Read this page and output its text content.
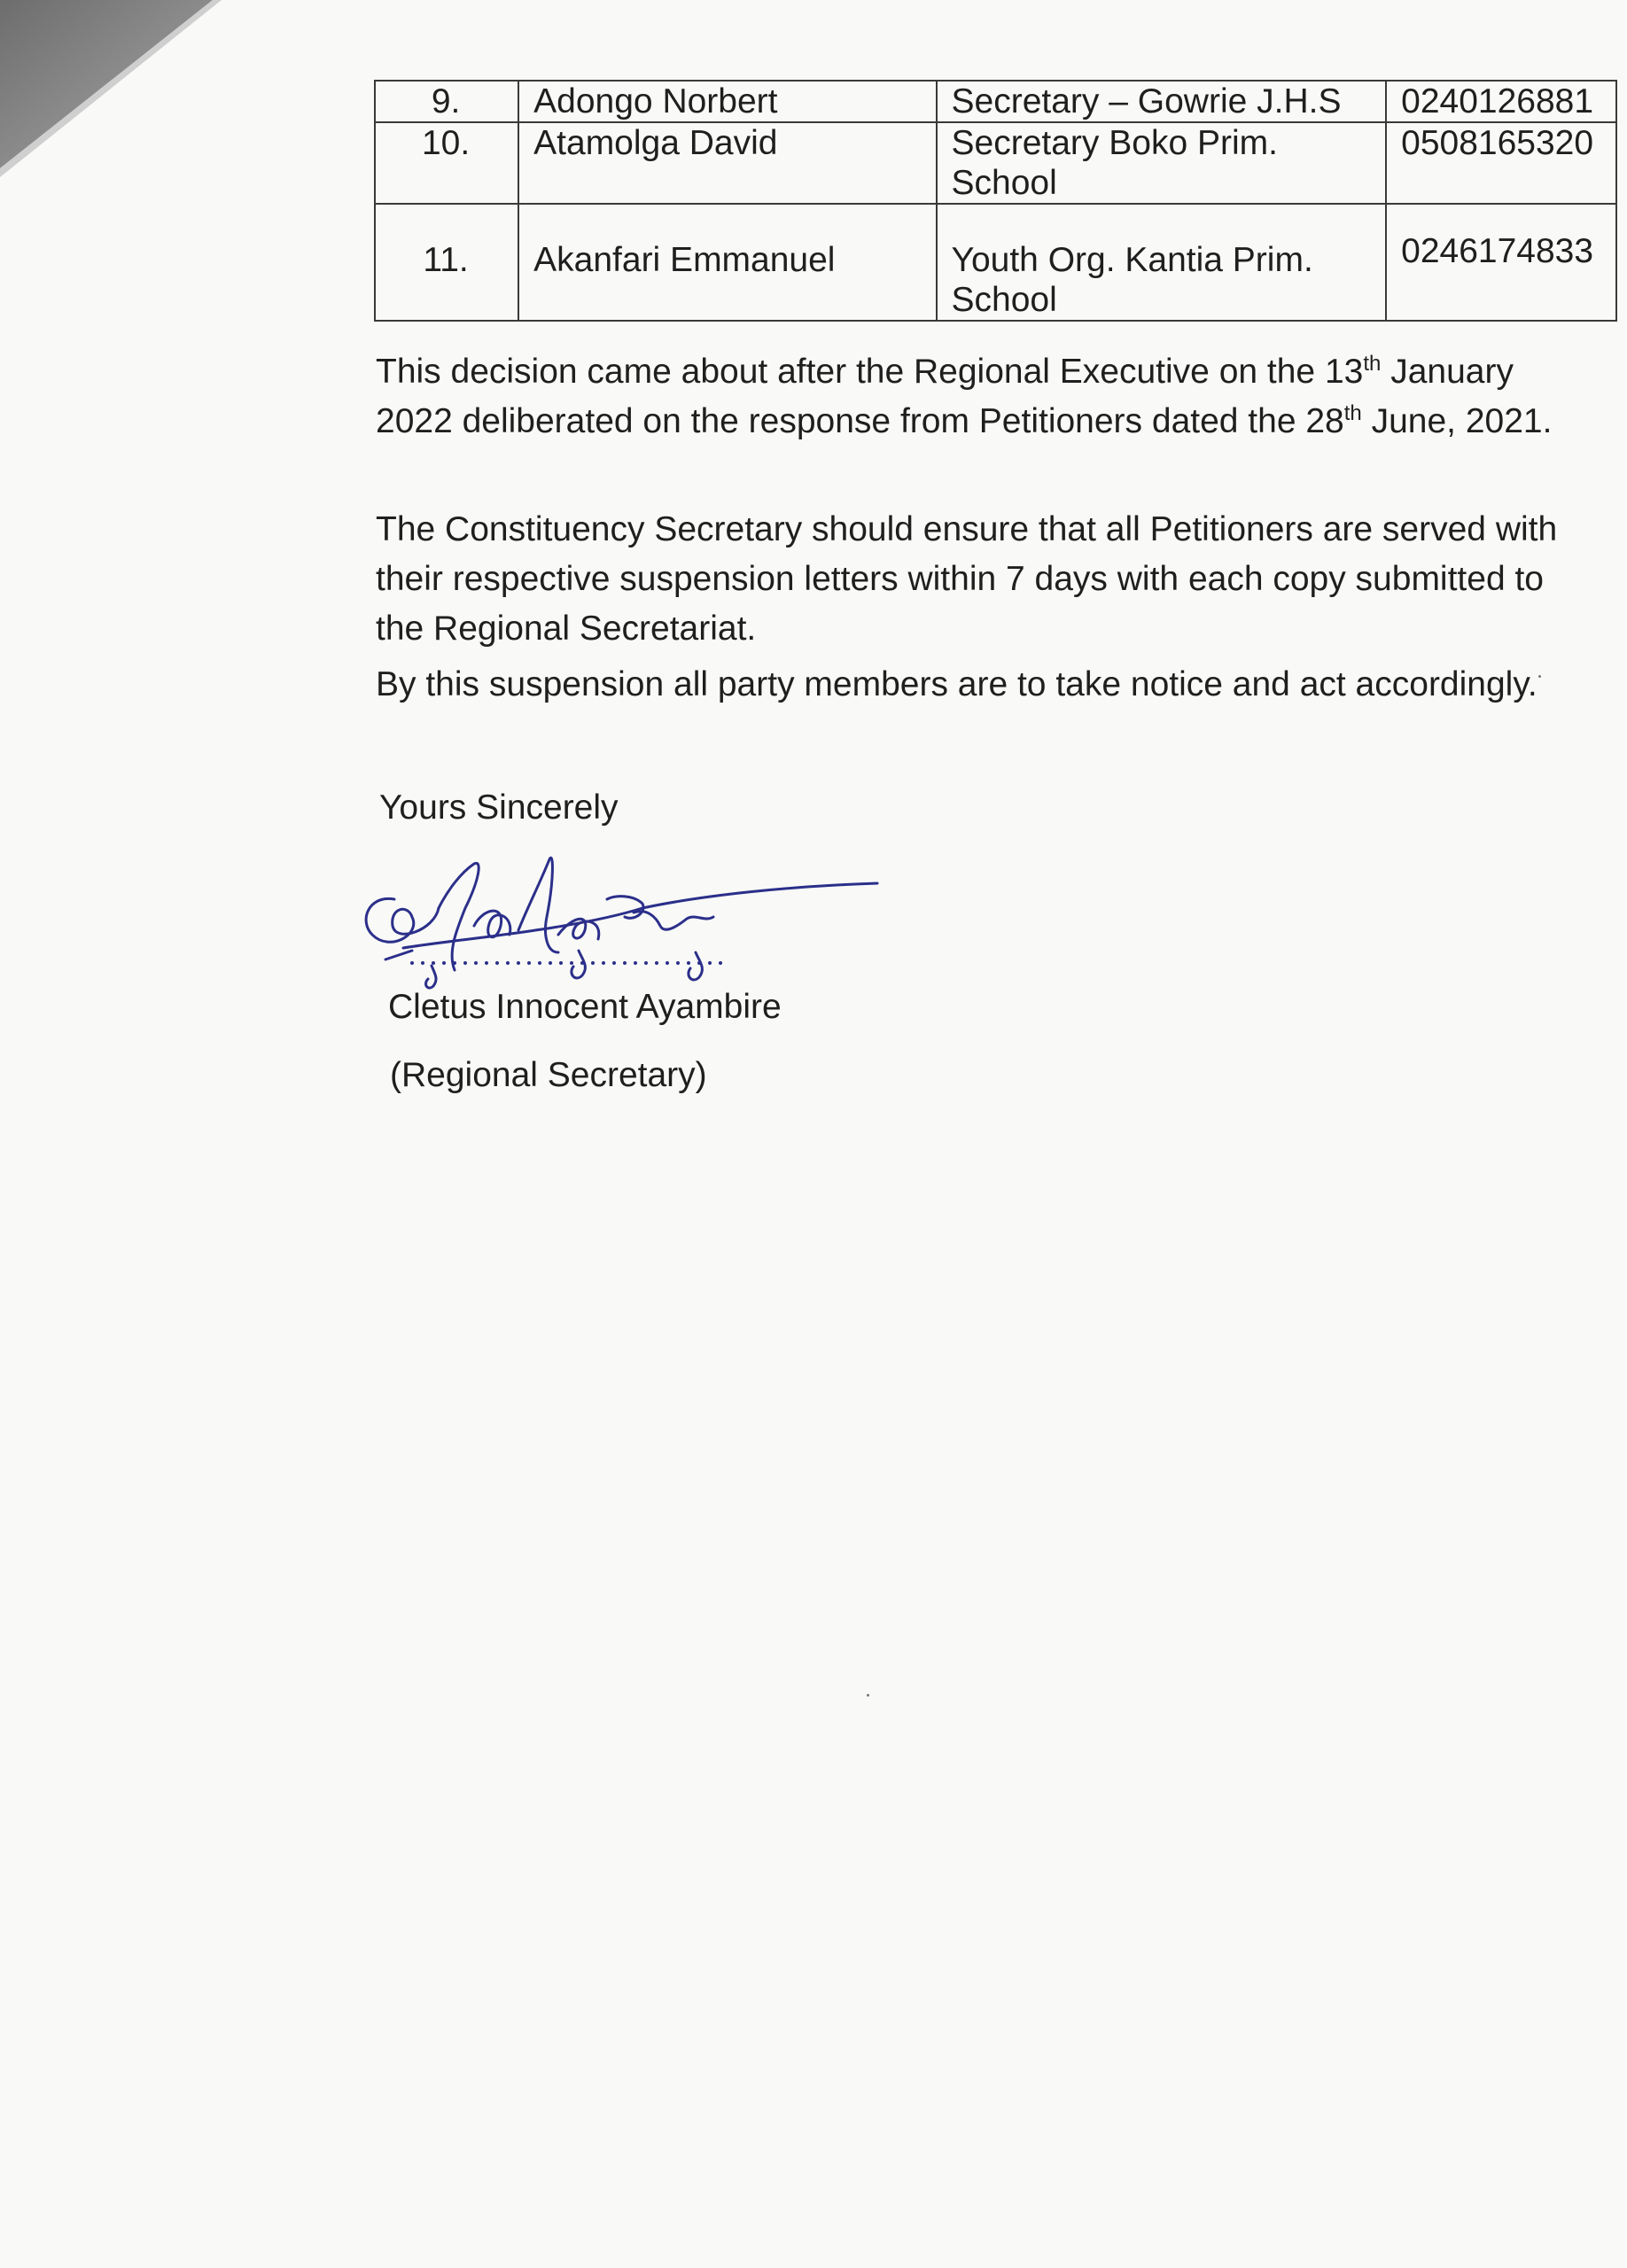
9.	Adongo Norbert	Secretary – Gowrie J.H.S	0240126881
10.	Atamolga David	Secretary Boko Prim. School	0508165320
11.	Akanfari Emmanuel	Youth Org. Kantia Prim. School	0246174833

This decision came about after the Regional Executive on the 13th January 2022 deliberated on the response from Petitioners dated the 28th June, 2021.

The Constituency Secretary should ensure that all Petitioners are served with their respective suspension letters within 7 days with each copy submitted to the Regional Secretariat.

By this suspension all party members are to take notice and act accordingly.

Yours Sincerely
Cletus Innocent Ayambire
(Regional Secretary)
